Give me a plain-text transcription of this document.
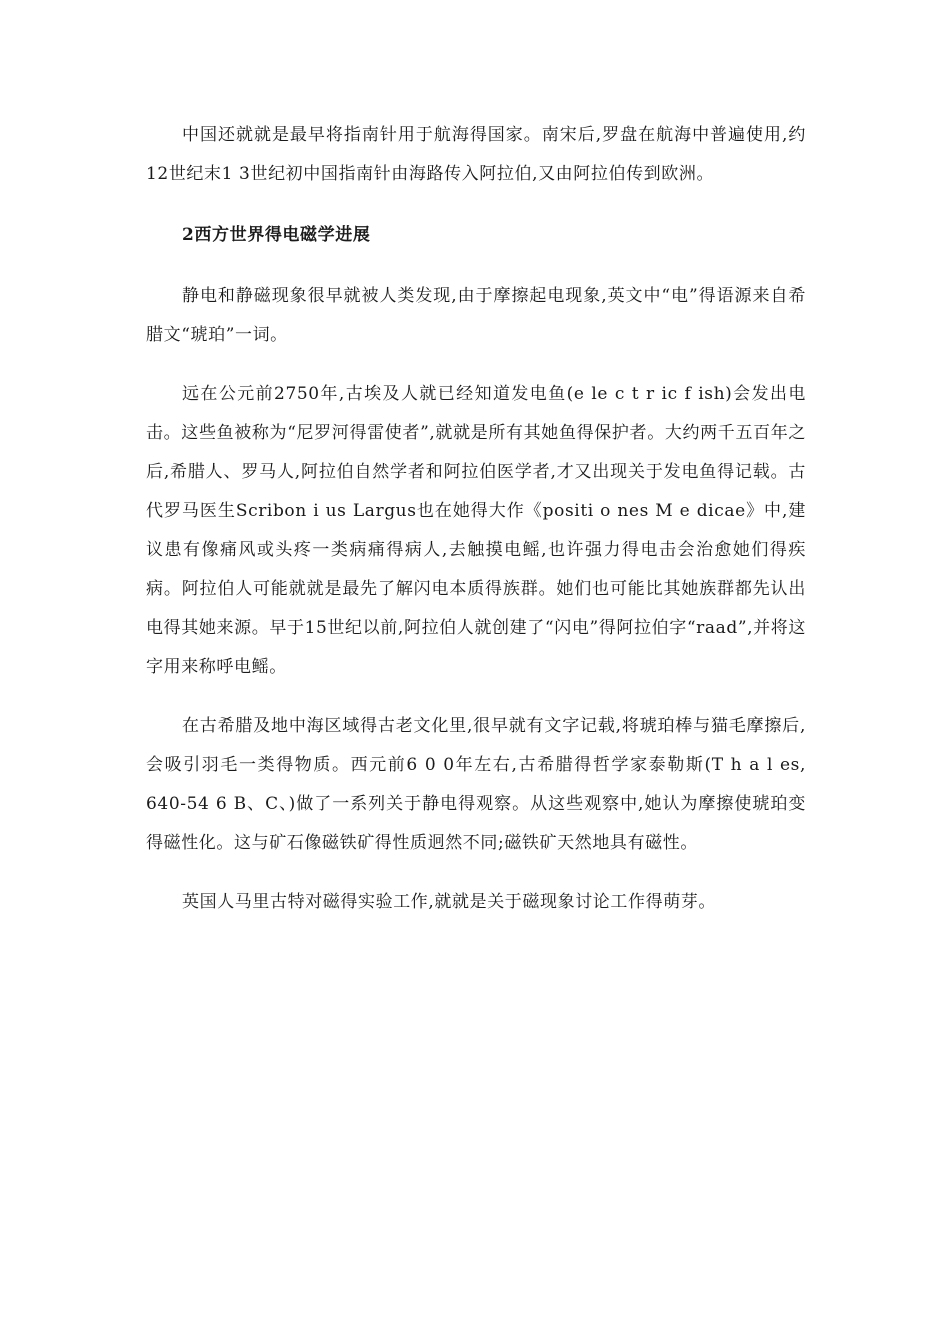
中国还就就是最早将指南针用于航海得国家。南宋后,罗盘在航海中普遍使用,约12世纪末1 3世纪初中国指南针由海路传入阿拉伯,又由阿拉伯传到欧洲。

2西方世界得电磁学进展

静电和静磁现象很早就被人类发现,由于摩擦起电现象,英文中“电”得语源来自希腊文“琥珀”一词。

远在公元前2750年,古埃及人就已经知道发电鱼(e le c t r ic f ish)会发出电击。这些鱼被称为“尼罗河得雷使者”,就就是所有其她鱼得保护者。大约两千五百年之后,希腊人、罗马人,阿拉伯自然学者和阿拉伯医学者,才又出现关于发电鱼得记载。古代罗马医生Scribon i us Largus也在她得大作《positi o nes M e dicae》中,建议患有像痛风或头疼一类病痛得病人,去触摸电鳐,也许强力得电击会治愈她们得疾病。阿拉伯人可能就就是最先了解闪电本质得族群。她们也可能比其她族群都先认出电得其她来源。早于15世纪以前,阿拉伯人就创建了“闪电”得阿拉伯字“raad”,并将这字用来称呼电鳐。

在古希腊及地中海区域得古老文化里,很早就有文字记载,将琥珀棒与猫毛摩擦后,会吸引羽毛一类得物质。西元前6 0 0年左右,古希腊得哲学家泰勒斯(T h a l es, 640-54 6 B、C、)做了一系列关于静电得观察。从这些观察中,她认为摩擦使琥珀变得磁性化。这与矿石像磁铁矿得性质迥然不同;磁铁矿天然地具有磁性。

英国人马里古特对磁得实验工作,就就是关于磁现象讨论工作得萌芽。
